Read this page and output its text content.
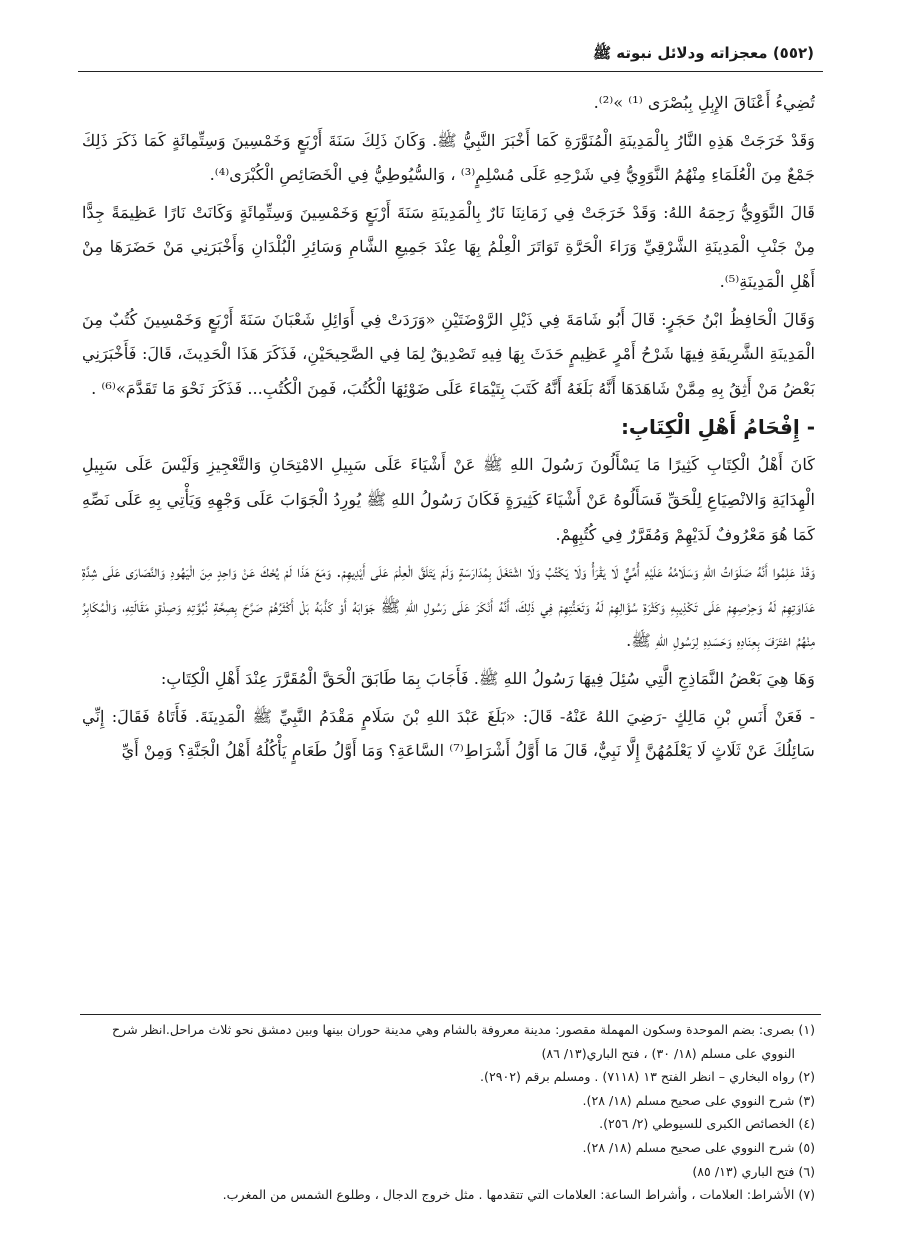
(٥٥٢) معجزاته ودلائل نبوته ﷺ

تُضِيءُ أَعْنَاقَ الإِبِلِ بِبُصْرَى ⁽¹⁾ »⁽²⁾.

وَقَدْ خَرَجَتْ هَذِهِ النَّارُ بِالْمَدِينَةِ الْمُنَوَّرَةِ كَمَا أَخْبَرَ النَّبِيُّ ﷺ. وَكَانَ ذَلِكَ سَنَةَ أَرْبَعٍ وَخَمْسِينَ وَسِتِّمِائَةٍ كَمَا ذَكَرَ ذَلِكَ جَمْعٌ مِنَ الْعُلَمَاءِ مِنْهُمُ النَّوَوِيُّ فِي شَرْحِهِ عَلَى مُسْلِمٍ⁽³⁾ ، وَالسُّيُوطِيُّ فِي الْخَصَائِصِ الْكُبْرَى⁽⁴⁾.

قَالَ النَّوَوِيُّ رَحِمَهُ اللهُ: وَقَدْ خَرَجَتْ فِي زَمَانِنَا نَارٌ بِالْمَدِينَةِ سَنَةَ أَرْبَعٍ وَخَمْسِينَ وَسِتِّمِائَةٍ وَكَانَتْ نَارًا عَظِيمَةً جِدًّا مِنْ جَنْبِ الْمَدِينَةِ الشَّرْقِيِّ وَرَاءَ الْحَرَّةِ تَوَاتَرَ الْعِلْمُ بِهَا عِنْدَ جَمِيعِ الشَّامِ وَسَائِرِ الْبُلْدَانِ وَأَخْبَرَنِي مَنْ حَضَرَهَا مِنْ أَهْلِ الْمَدِينَةِ⁽⁵⁾.

وَقَالَ الْحَافِظُ ابْنُ حَجَرٍ: قَالَ أَبُو شَامَةَ فِي ذَيْلِ الرَّوْضَتَيْنِ «وَرَدَتْ فِي أَوَائِلِ شَعْبَانَ سَنَةَ أَرْبَعٍ وَخَمْسِينَ كُتُبٌ مِنَ الْمَدِينَةِ الشَّرِيفَةِ فِيهَا شَرْحُ أَمْرٍ عَظِيمٍ حَدَثَ بِهَا فِيهِ تَصْدِيقٌ لِمَا فِي الصَّحِيحَيْنِ، فَذَكَرَ هَذَا الْحَدِيثَ، قَالَ: فَأَخْبَرَنِي بَعْضُ مَنْ أَثِقُ بِهِ مِمَّنْ شَاهَدَهَا أَنَّهُ بَلَغَهُ أَنَّهُ كَتَبَ بِتَيْمَاءَ عَلَى ضَوْئِهَا الْكُتُبَ، فَمِنَ الْكُتُبِ... فَذَكَرَ نَحْوَ مَا تَقَدَّمَ»⁽⁶⁾ .

- إِفْحَامُ أَهْلِ الْكِتَابِ:

كَانَ أَهْلُ الْكِتَابِ كَثِيرًا مَا يَسْأَلُونَ رَسُولَ اللهِ ﷺ عَنْ أَشْيَاءَ عَلَى سَبِيلِ الامْتِحَانِ وَالتَّعْجِيزِ وَلَيْسَ عَلَى سَبِيلِ الْهِدَايَةِ وَالانْصِيَاعِ لِلْحَقِّ فَسَأَلُوهُ عَنْ أَشْيَاءَ كَثِيرَةٍ فَكَانَ رَسُولُ اللهِ ﷺ يُورِدُ الْجَوَابَ عَلَى وَجْهِهِ وَيَأْتِي بِهِ عَلَى نَصِّهِ كَمَا هُوَ مَعْرُوفٌ لَدَيْهِمْ وَمُقَرَّرٌ فِي كُتُبِهِمْ.

وَقَدْ عَلِمُوا أَنَّهُ صَلَوَاتُ اللهِ وَسَلَامُهُ عَلَيْهِ أُمِّيٌّ لَا يَقْرَأُ وَلَا يَكْتُبُ وَلَا اشْتَغَلَ بِمُدَارَسَةٍ وَلَمْ يَتَلَقَّ الْعِلْمَ عَلَى أَيْدِيهِمْ. وَمَعَ هَذَا لَمْ يُحْكَ عَنْ وَاحِدٍ مِنَ الْيَهُودِ وَالنَّصَارَى عَلَى شِدَّةِ عَدَاوَتِهِمْ لَهُ وَحِرْصِهِمْ عَلَى تَكْذِيبِهِ وَكَثْرَةِ سُؤَالِهِمْ لَهُ وَتَعَنُّتِهِمْ فِي ذَلِكَ، أَنَّهُ أَنْكَرَ عَلَى رَسُولِ اللهِ ﷺ جَوَابَهُ أَوْ كَذَّبَهُ بَلْ أَكْثَرُهُمْ صَرَّحَ بِصِحَّةِ نُبُوَّتِهِ وَصِدْقِ مَقَالَتِهِ، وَالْمُكَابِرُ مِنْهُمُ اعْتَرَفَ بِعِنَادِهِ وَحَسَدِهِ لِرَسُولِ اللهِ ﷺ.

وَهَا هِيَ بَعْضُ النَّمَاذِجِ الَّتِي سُئِلَ فِيهَا رَسُولُ اللهِ ﷺ. فَأَجَابَ بِمَا طَابَقَ الْحَقَّ الْمُقَرَّرَ عِنْدَ أَهْلِ الْكِتَابِ:

- فَعَنْ أَنَسِ بْنِ مَالِكٍ -رَضِيَ اللهُ عَنْهُ- قَالَ: «بَلَغَ عَبْدَ اللهِ بْنَ سَلَامٍ مَقْدَمُ النَّبِيِّ ﷺ الْمَدِينَةَ. فَأَتَاهُ فَقَالَ: إِنِّي سَائِلُكَ عَنْ ثَلَاثٍ لَا يَعْلَمُهُنَّ إِلَّا نَبِيٌّ، قَالَ مَا أَوَّلُ أَشْرَاطِ⁽⁷⁾ السَّاعَةِ؟ وَمَا أَوَّلُ طَعَامٍ يَأْكُلُهُ أَهْلُ الْجَنَّةِ؟ وَمِنْ أَيِّ

(١) بصرى: بضم الموحدة وسكون المهملة مقصور: مدينة معروفة بالشام وهي مدينة حوران بينها وبين دمشق نحو ثلاث مراحل.انظر شرح النووي على مسلم (١٨/ ٣٠) ، فتح الباري(١٣/ ٨٦)

(٢) رواه البخاري – انظر الفتح ١٣ (٧١١٨) . ومسلم برقم (٢٩٠٢).

(٣) شرح النووي على صحيح مسلم (١٨/ ٢٨).

(٤) الخصائص الكبرى للسيوطي (٢/ ٢٥٦).

(٥) شرح النووي على صحيح مسلم (١٨/ ٢٨).

(٦) فتح الباري (١٣/ ٨٥)

(٧) الأشراط: العلامات ، وأشراط الساعة: العلامات التي تتقدمها . مثل خروج الدجال ، وطلوع الشمس من المغرب.
